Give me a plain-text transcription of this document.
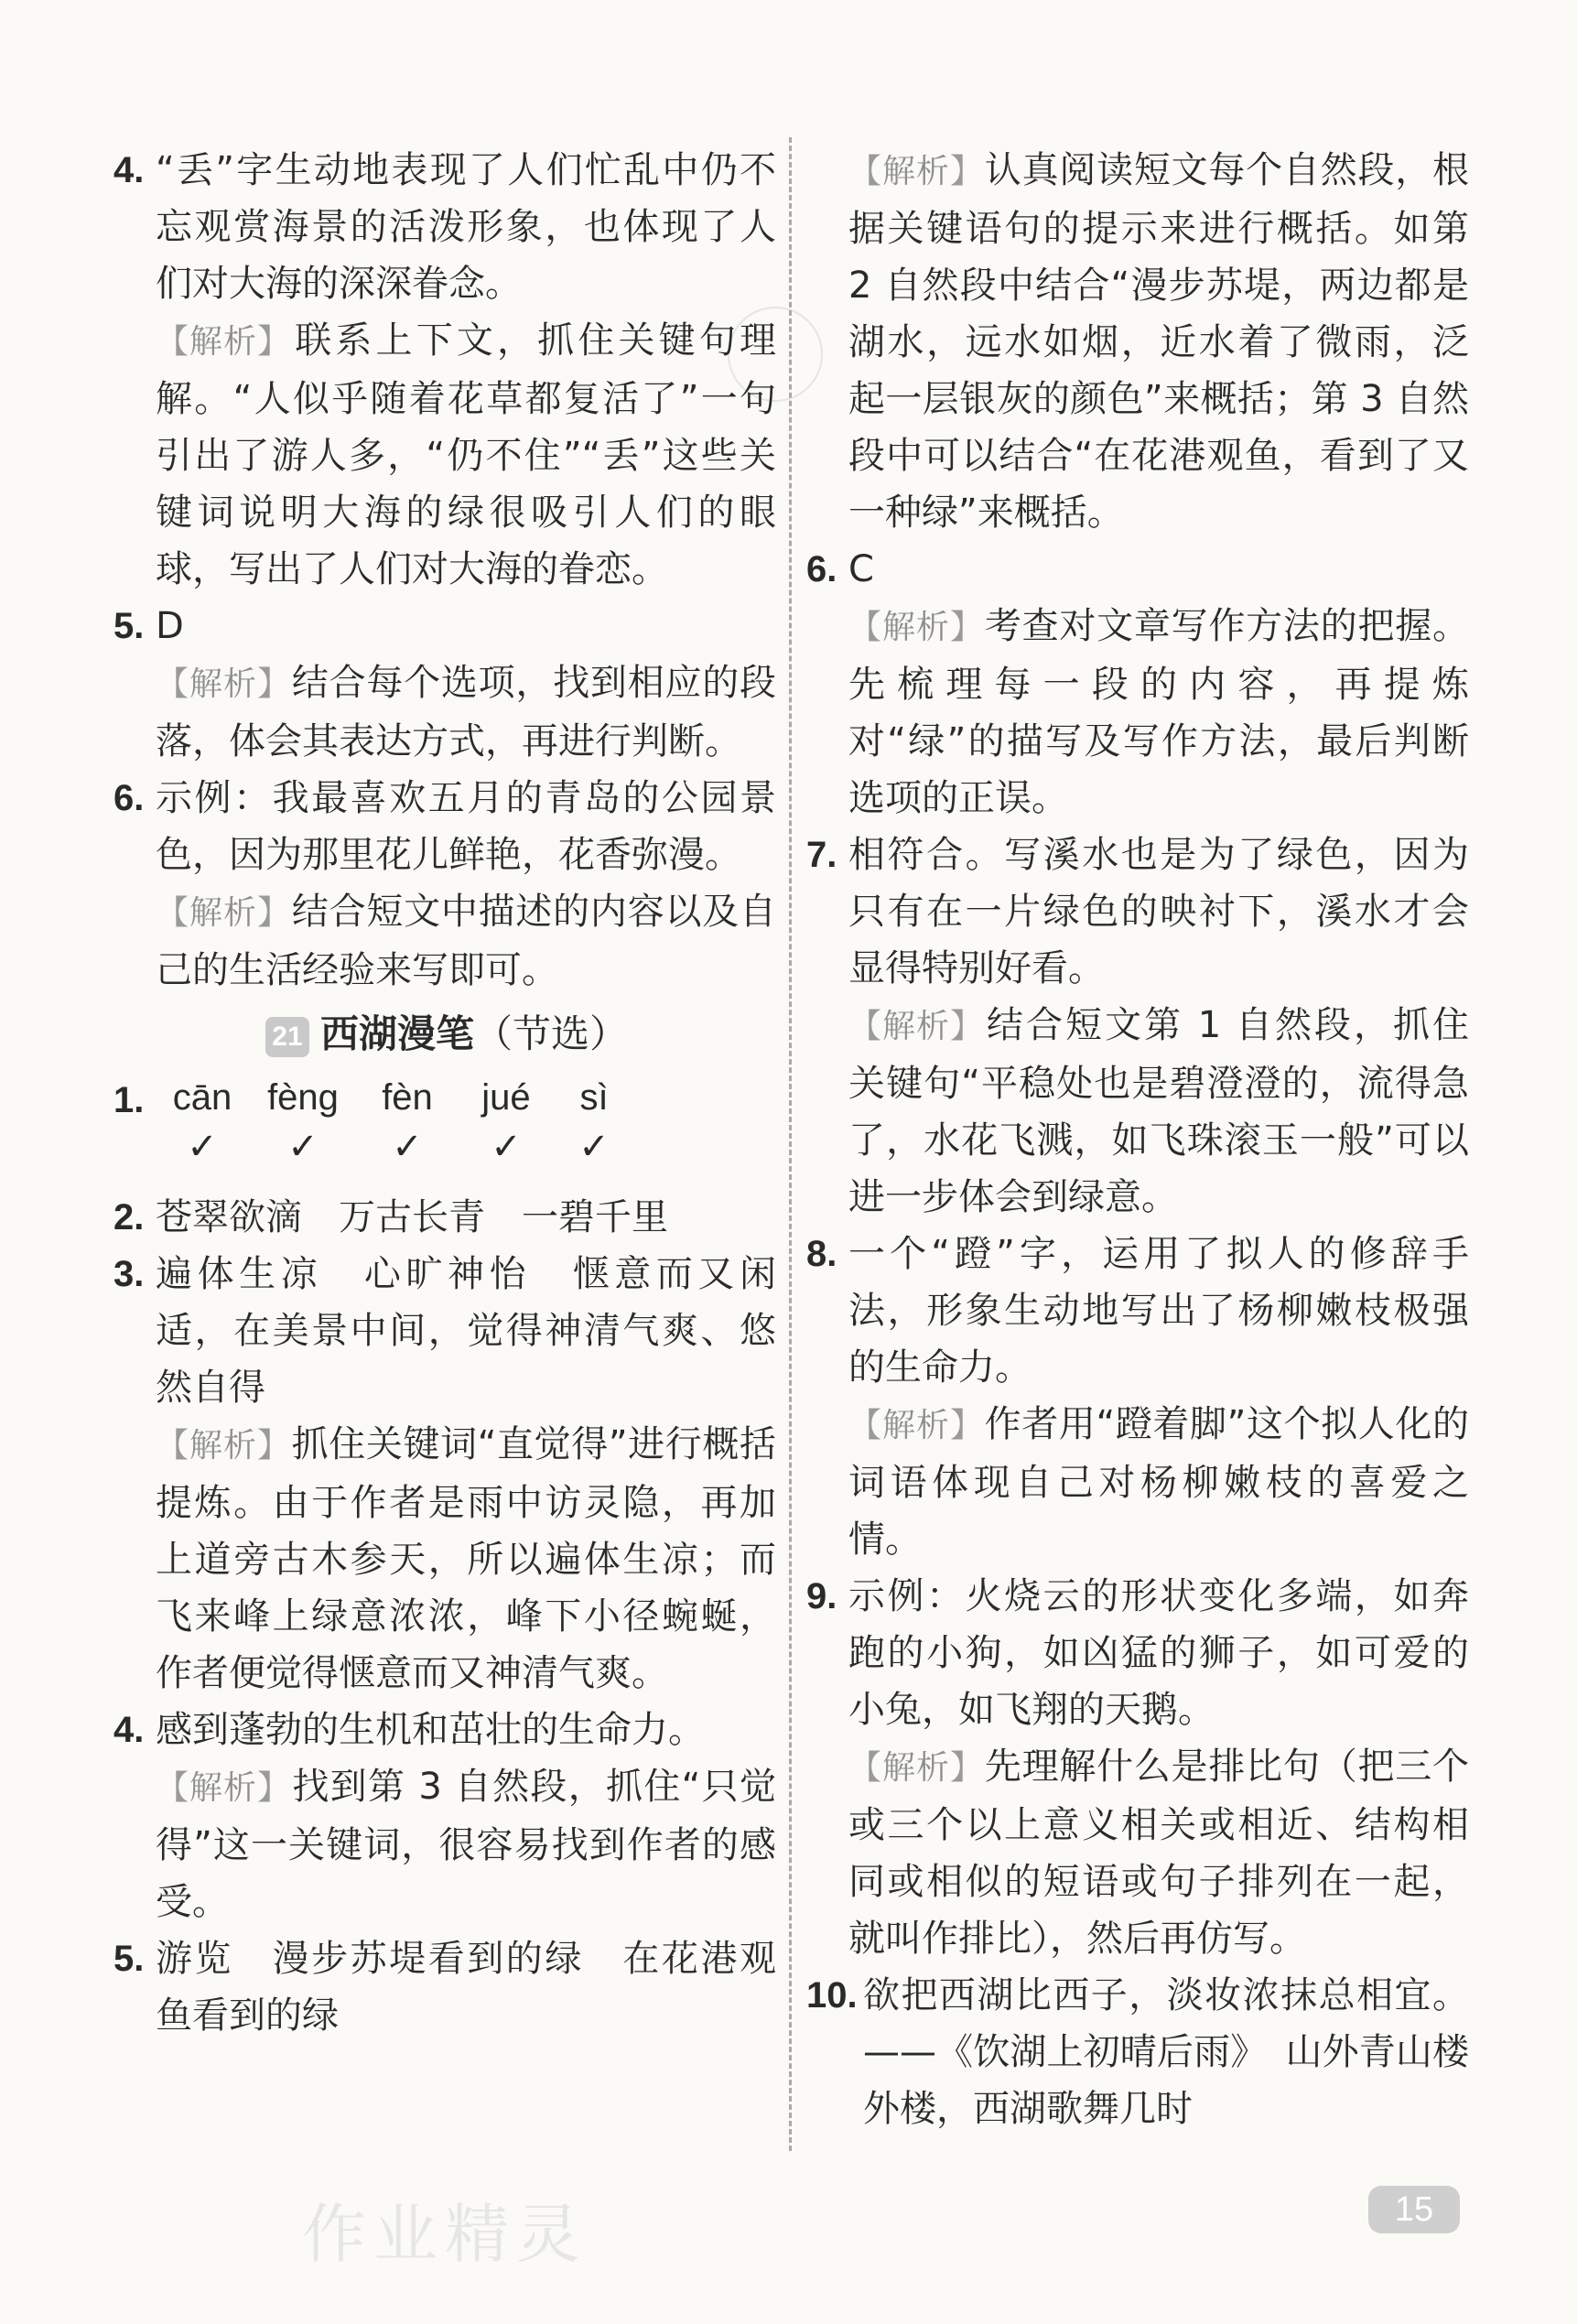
4. “丢”字生动地表现了人们忙乱中仍不忘观赏海景的活泼形象，也体现了人们对大海的深深眷念。

【解析】联系上下文，抓住关键句理解。“人似乎随着花草都复活了”一句引出了游人多，“仍不住”“丢”这些关键词说明大海的绿很吸引人们的眼球，写出了人们对大海的眷恋。

5. D

【解析】结合每个选项，找到相应的段落，体会其表达方式，再进行判断。

6. 示例：我最喜欢五月的青岛的公园景色，因为那里花儿鲜艳，花香弥漫。

【解析】结合短文中描述的内容以及自己的生活经验来写即可。

21 西湖漫笔（节选）
1. cān
✓
fèng
✓
fèn
✓
jué
✓
sì
✓

2. 苍翠欲滴　万古长青　一碧千里

3. 遍体生凉　心旷神怡　惬意而又闲适，在美景中间，觉得神清气爽、悠然自得

【解析】抓住关键词“直觉得”进行概括提炼。由于作者是雨中访灵隐，再加上道旁古木参天，所以遍体生凉；而飞来峰上绿意浓浓，峰下小径蜿蜒，作者便觉得惬意而又神清气爽。

4. 感到蓬勃的生机和茁壮的生命力。

【解析】找到第 3 自然段，抓住“只觉得”这一关键词，很容易找到作者的感受。

5. 游览　漫步苏堤看到的绿　在花港观鱼看到的绿

【解析】认真阅读短文每个自然段，根据关键语句的提示来进行概括。如第 2 自然段中结合“漫步苏堤，两边都是湖水，远水如烟，近水着了微雨，泛起一层银灰的颜色”来概括；第 3 自然段中可以结合“在花港观鱼，看到了又一种绿”来概括。

6. C

【解析】考查对文章写作方法的把握。先梳理每一段的内容，再提炼对“绿”的描写及写作方法，最后判断选项的正误。

7. 相符合。写溪水也是为了绿色，因为只有在一片绿色的映衬下，溪水才会显得特别好看。

【解析】结合短文第 1 自然段，抓住关键句“平稳处也是碧澄澄的，流得急了，水花飞溅，如飞珠滚玉一般”可以进一步体会到绿意。

8. 一个“蹬”字，运用了拟人的修辞手法，形象生动地写出了杨柳嫩枝极强的生命力。

【解析】作者用“蹬着脚”这个拟人化的词语体现自己对杨柳嫩枝的喜爱之情。

9. 示例：火烧云的形状变化多端，如奔跑的小狗，如凶猛的狮子，如可爱的小兔，如飞翔的天鹅。

【解析】先理解什么是排比句（把三个或三个以上意义相关或相近、结构相同或相似的短语或句子排列在一起，就叫作排比），然后再仿写。

10. 欲把西湖比西子，淡妆浓抹总相宜。——《饮湖上初晴后雨》　山外青山楼外楼，西湖歌舞几时

作业精灵	15
